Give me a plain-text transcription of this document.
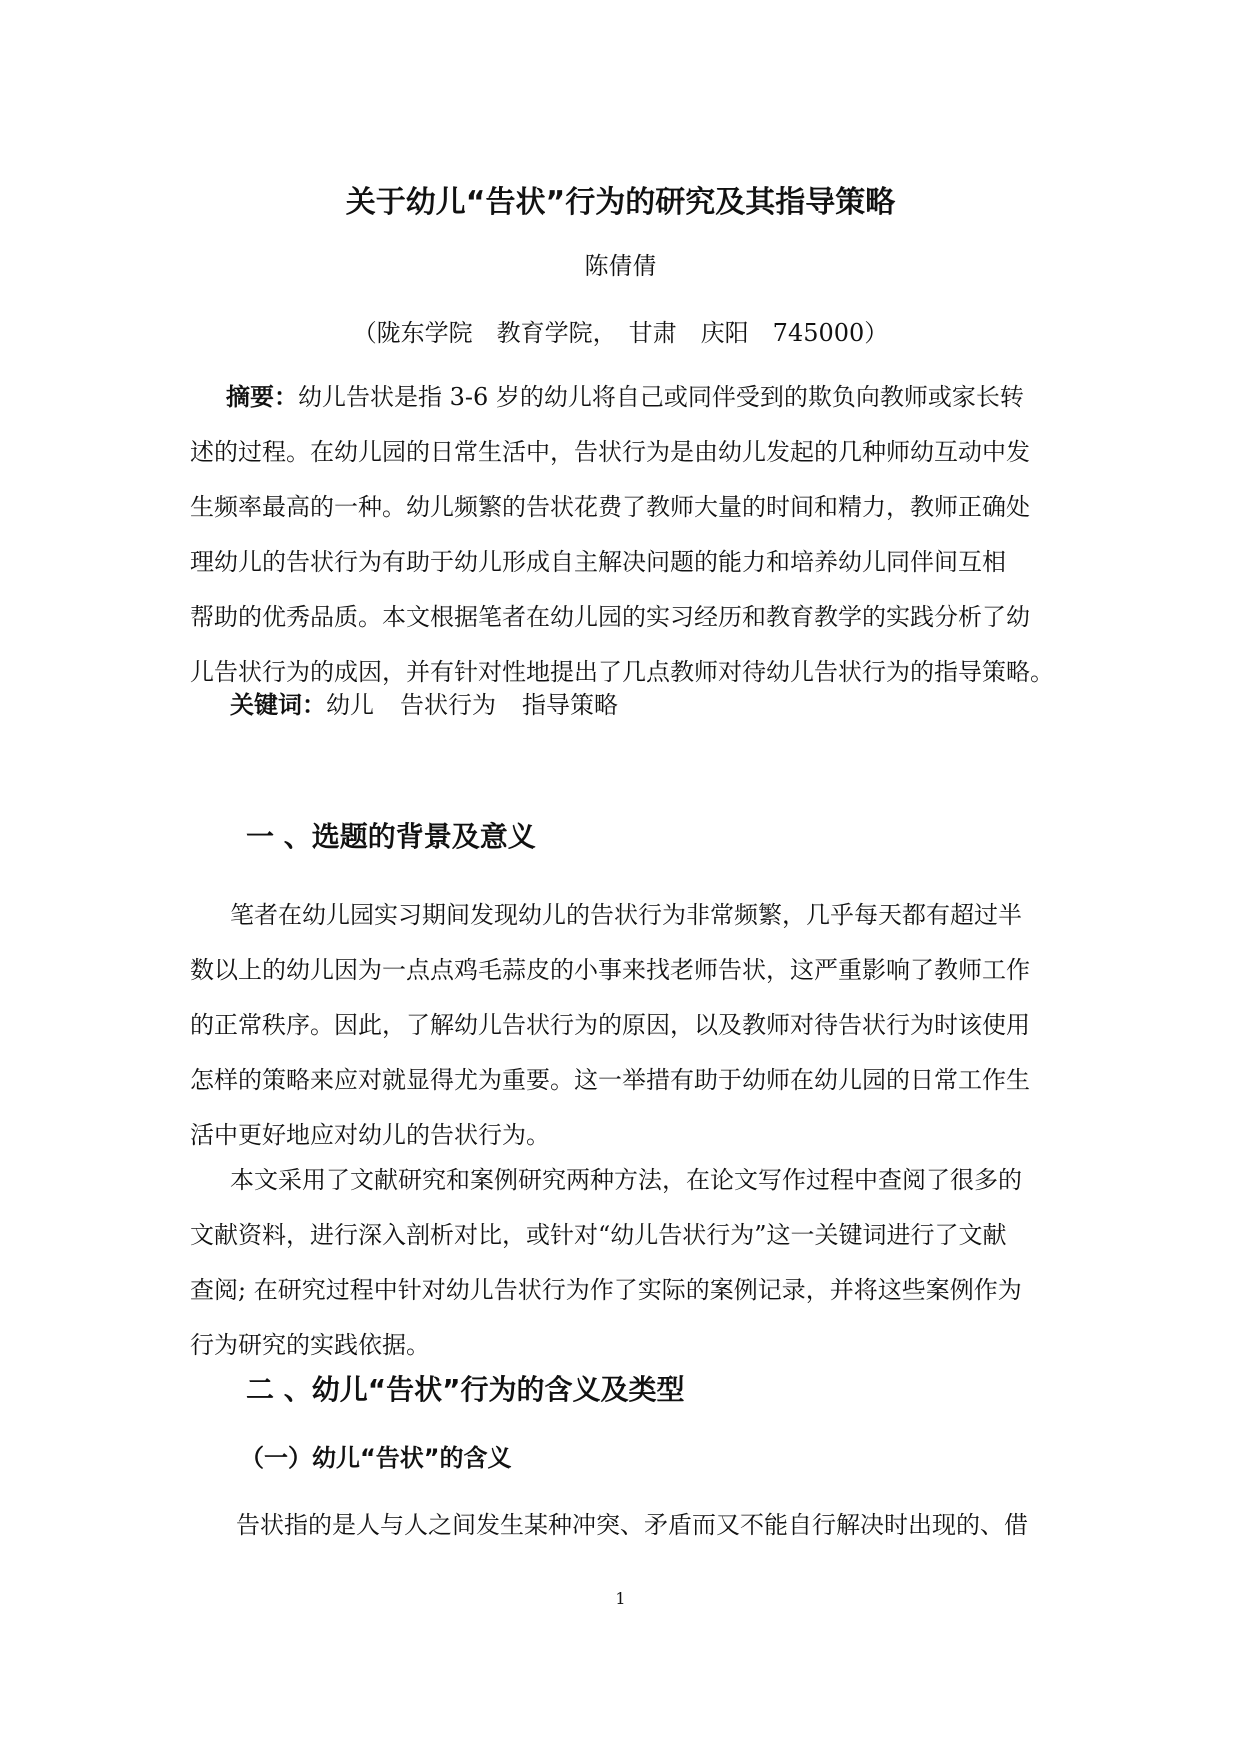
关于幼儿“告状”行为的研究及其指导策略

陈倩倩

（陇东学院　教育学院，　甘肃　庆阳　745000）

摘要：幼儿告状是指 3-6 岁的幼儿将自己或同伴受到的欺负向教师或家长转
述的过程。在幼儿园的日常生活中，告状行为是由幼儿发起的几种师幼互动中发
生频率最高的一种。幼儿频繁的告状花费了教师大量的时间和精力，教师正确处
理幼儿的告状行为有助于幼儿形成自主解决问题的能力和培养幼儿同伴间互相
帮助的优秀品质。本文根据笔者在幼儿园的实习经历和教育教学的实践分析了幼
儿告状行为的成因，并有针对性地提出了几点教师对待幼儿告状行为的指导策略。

关键词：幼儿 告状行为 指导策略

一 、选题的背景及意义
笔者在幼儿园实习期间发现幼儿的告状行为非常频繁，几乎每天都有超过半
数以上的幼儿因为一点点鸡毛蒜皮的小事来找老师告状，这严重影响了教师工作
的正常秩序。因此，了解幼儿告状行为的原因，以及教师对待告状行为时该使用
怎样的策略来应对就显得尤为重要。这一举措有助于幼师在幼儿园的日常工作生
活中更好地应对幼儿的告状行为。
本文采用了文献研究和案例研究两种方法，在论文写作过程中查阅了很多的
文献资料，进行深入剖析对比，或针对“幼儿告状行为”这一关键词进行了文献
查阅; 在研究过程中针对幼儿告状行为作了实际的案例记录，并将这些案例作为
行为研究的实践依据。
二 、幼儿“告状”行为的含义及类型
（一）幼儿“告状”的含义
告状指的是人与人之间发生某种冲突、矛盾而又不能自行解决时出现的、借

1
